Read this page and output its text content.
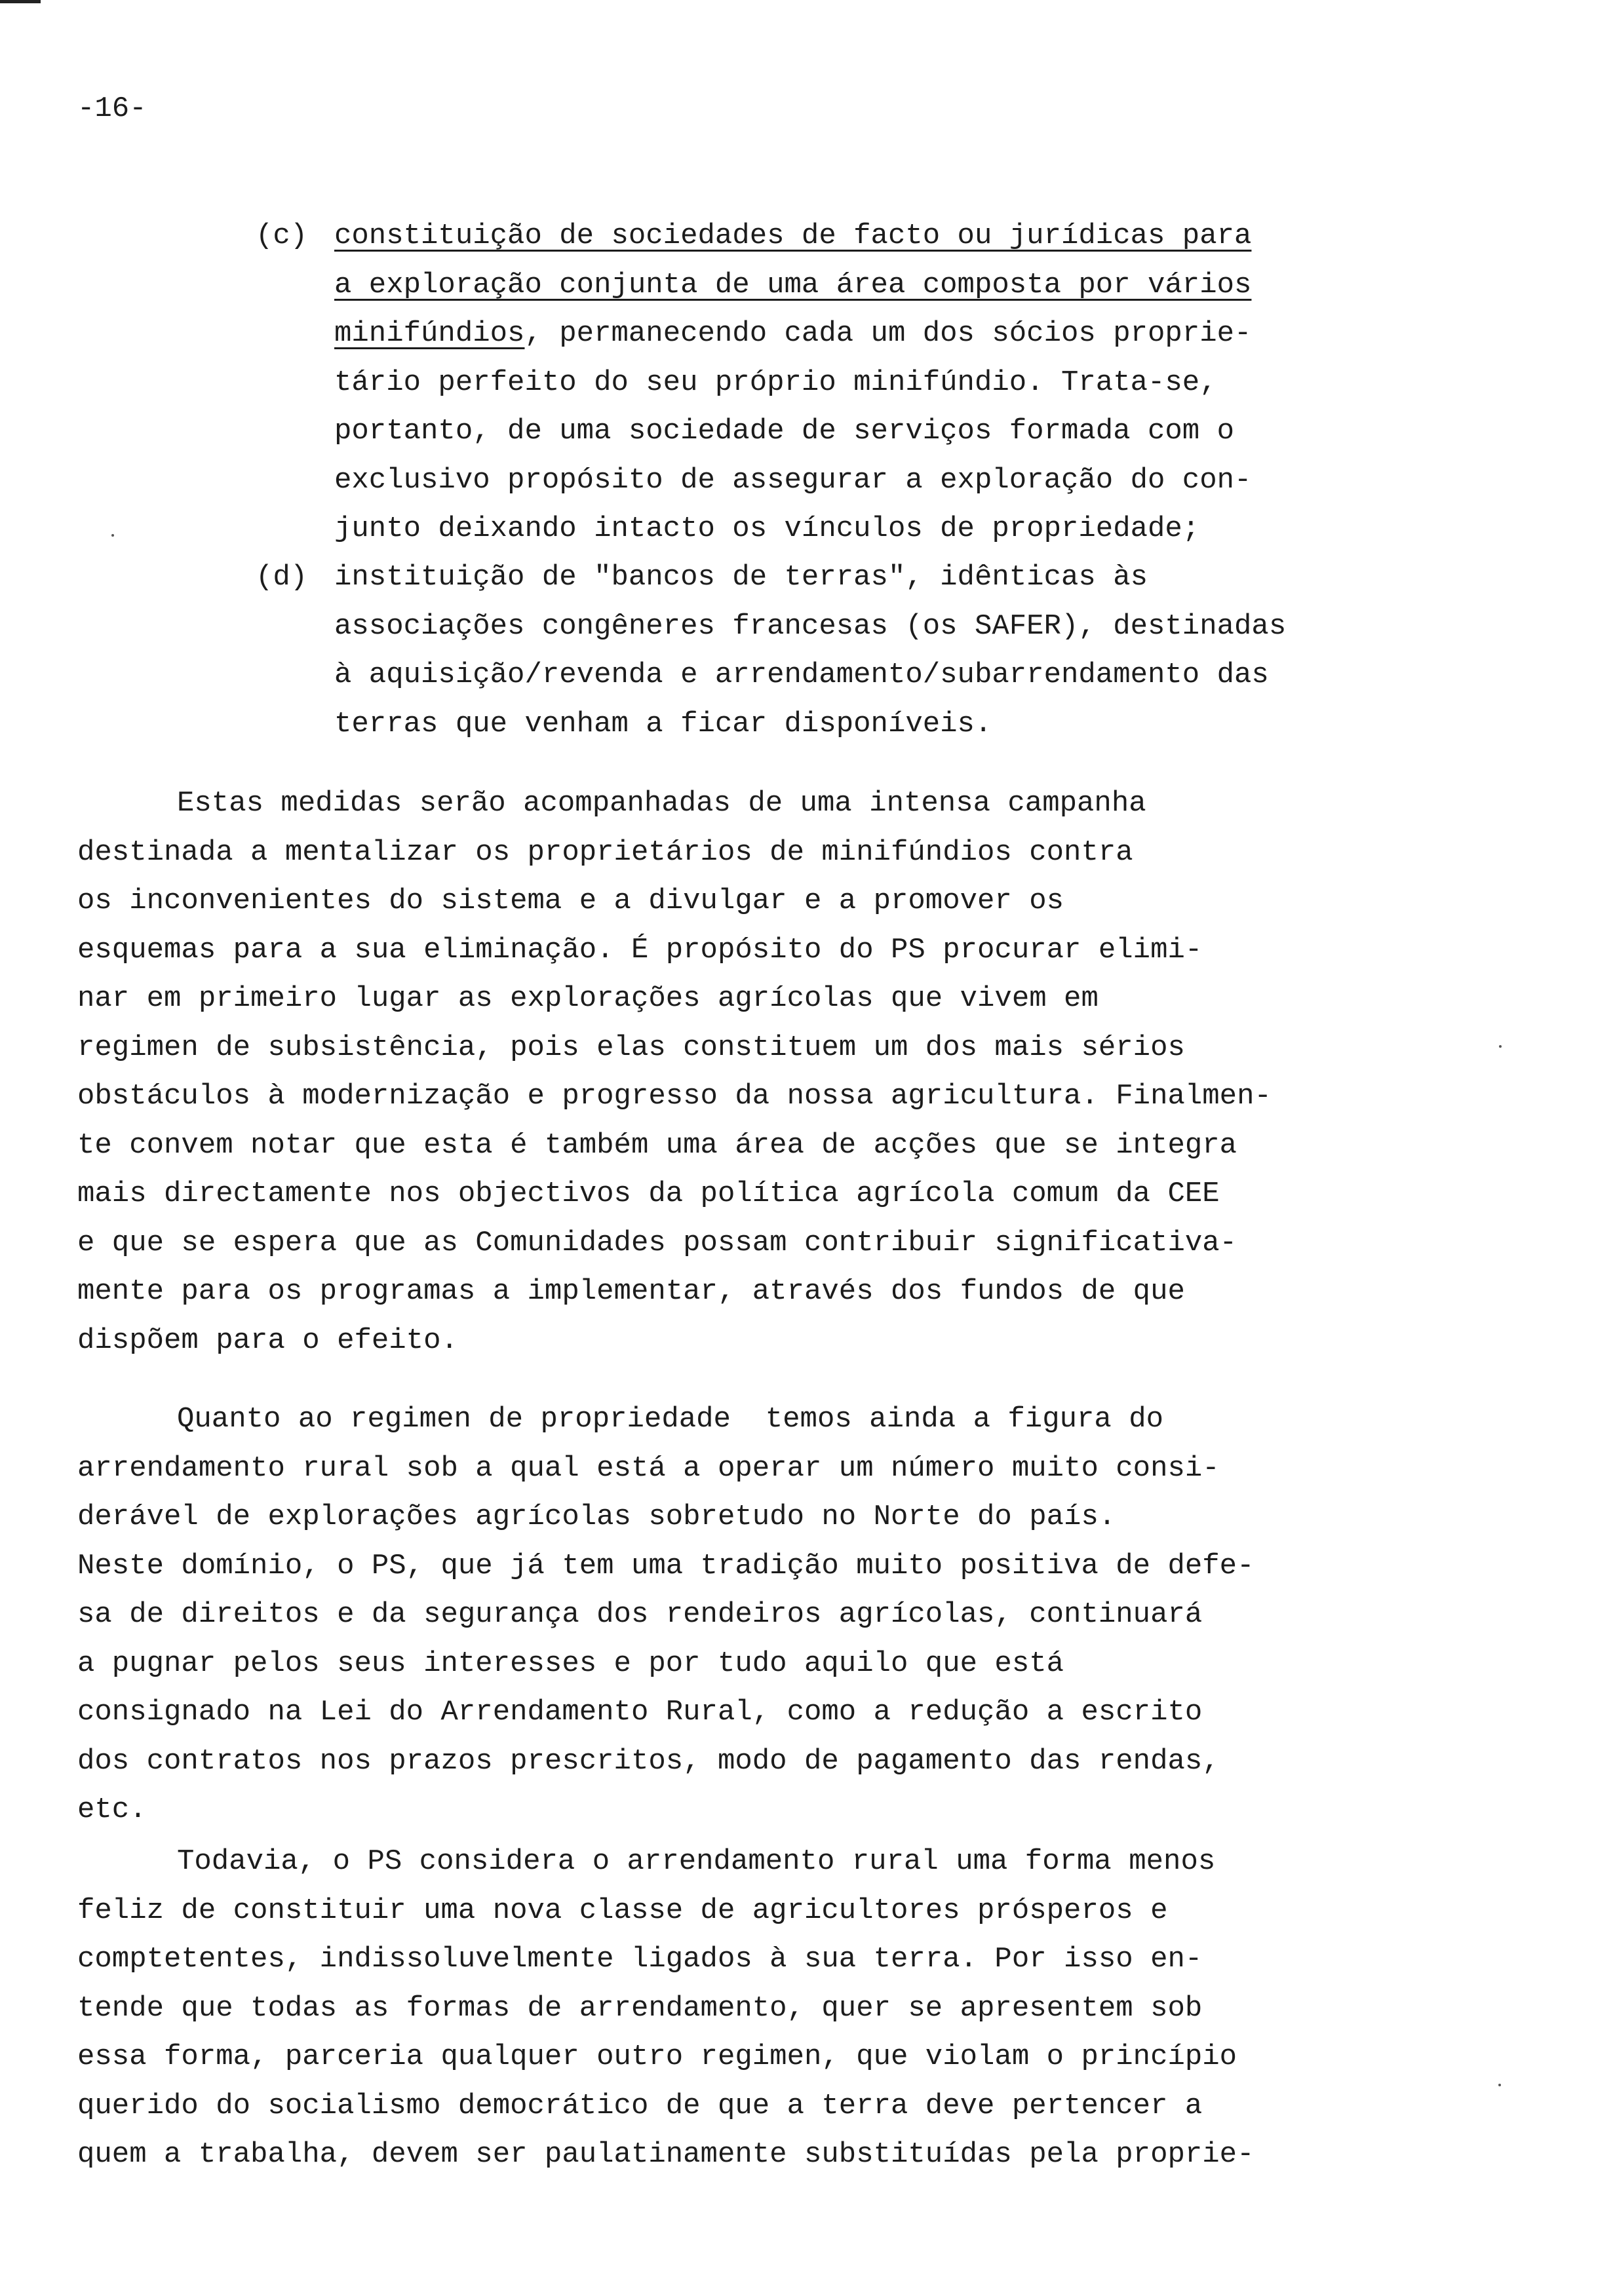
-16-
(c) constituição de sociedades de facto ou jurídicas para
a exploração conjunta de uma área composta por vários
minifúndios, permanecendo cada um dos sócios proprie-
tário perfeito do seu próprio minifúndio. Trata-se,
portanto, de uma sociedade de serviços formada com o
exclusivo propósito de assegurar a exploração do con-
junto deixando intacto os vínculos de propriedade;
(d) instituição de "bancos de terras", idênticas às
associações congêneres francesas (os SAFER), destinadas
à aquisição/revenda e arrendamento/subarrendamento das
terras que venham a ficar disponíveis.
Estas medidas serão acompanhadas de uma intensa campanha
destinada a mentalizar os proprietários de minifúndios contra
os inconvenientes do sistema e a divulgar e a promover os
esquemas para a sua eliminação. É propósito do PS procurar elimi-
nar em primeiro lugar as explorações agrícolas que vivem em
regimen de subsistência, pois elas constituem um dos mais sérios
obstáculos à modernização e progresso da nossa agricultura. Finalmen-
te convem notar que esta é também uma área de acções que se integra
mais directamente nos objectivos da política agrícola comum da CEE
e que se espera que as Comunidades possam contribuir significativa-
mente para os programas a implementar, através dos fundos de que
dispõem para o efeito.
Quanto ao regimen de propriedade  temos ainda a figura do
arrendamento rural sob a qual está a operar um número muito consi-
derável de explorações agrícolas sobretudo no Norte do país.
Neste domínio, o PS, que já tem uma tradição muito positiva de defe-
sa de direitos e da segurança dos rendeiros agrícolas, continuará
a pugnar pelos seus interesses e por tudo aquilo que está
consignado na Lei do Arrendamento Rural, como a redução a escrito
dos contratos nos prazos prescritos, modo de pagamento das rendas,
etc.
Todavia, o PS considera o arrendamento rural uma forma menos
feliz de constituir uma nova classe de agricultores prósperos e
comptetentes, indissoluvelmente ligados à sua terra. Por isso en-
tende que todas as formas de arrendamento, quer se apresentem sob
essa forma, parceria qualquer outro regimen, que violam o princípio
querido do socialismo democrático de que a terra deve pertencer a
quem a trabalha, devem ser paulatinamente substituídas pela proprie-
